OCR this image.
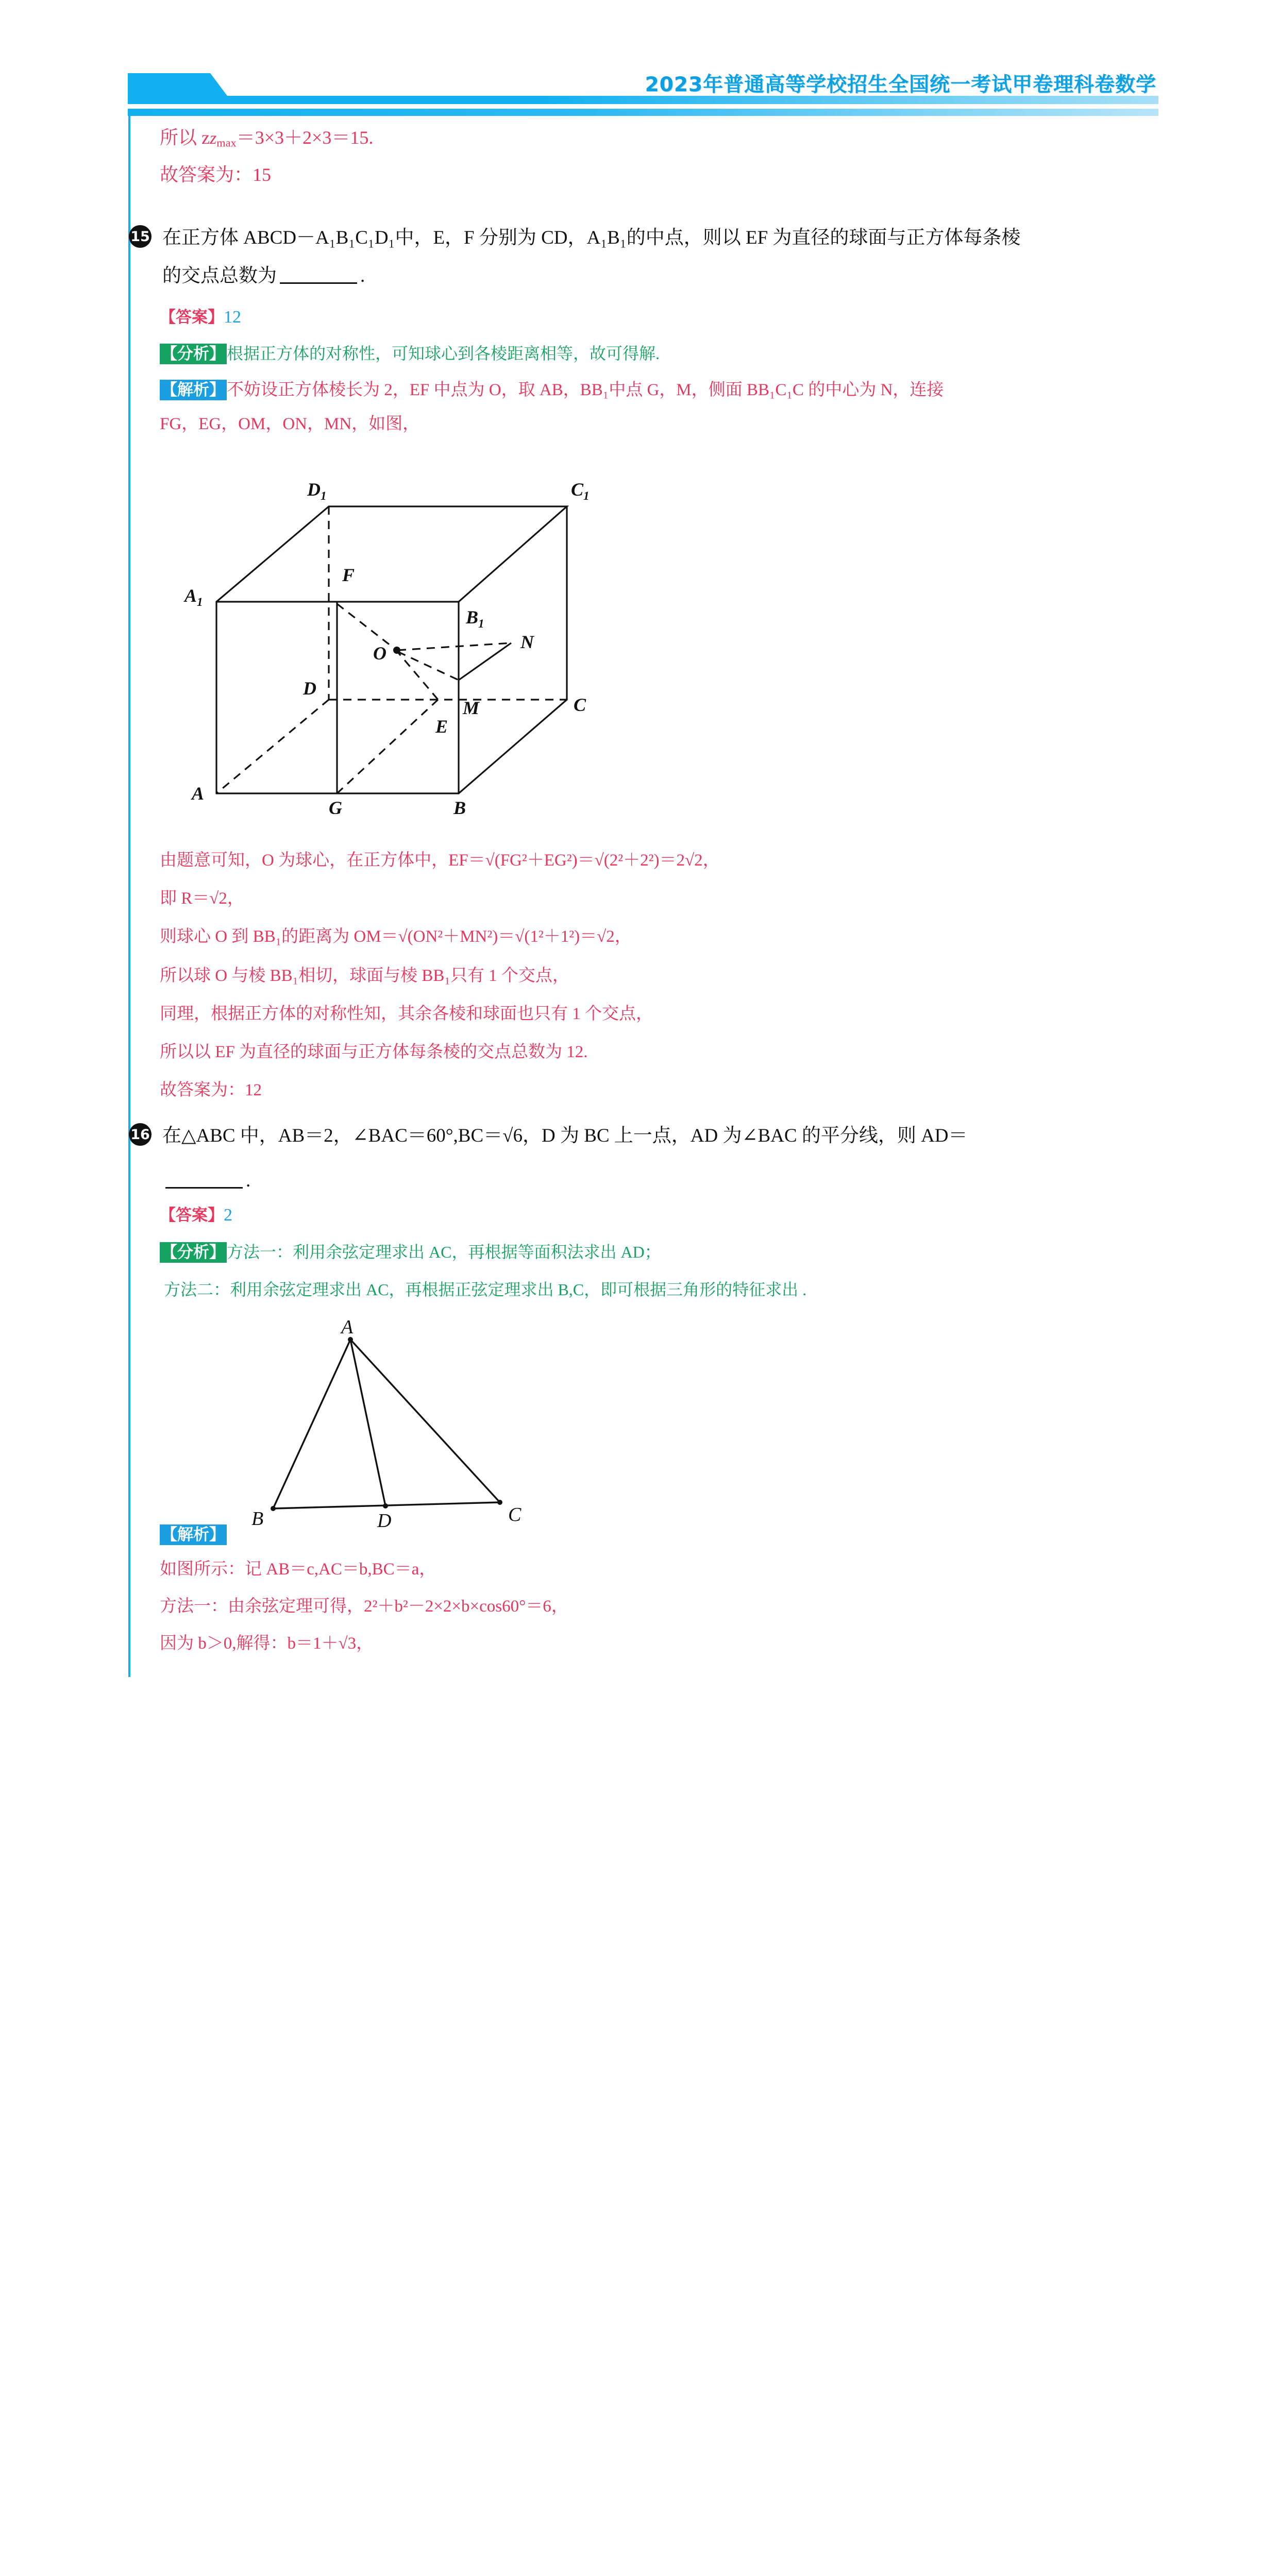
2023年普通高等学校招生全国统一考试甲卷理科卷数学
所以 $zz_{max}=3\times 3+2\times 3=15$.
故答案为：15
15 在正方体 ABCD－A₁B₁C₁D₁中，E，F 分别为 CD，A₁B₁的中点，则以 EF 为直径的球面与正方体每条棱
的交点总数为	.
【答案】12
【分析】根据正方体的对称性，可知球心到各棱距离相等，故可得解.
【解析】不妨设正方体棱长为 2，EF 中点为 O，取 AB，BB₁中点 G，M，侧面 BB₁C₁C 的中心为 N，连接
FG，EG，OM，ON，MN，如图，
$D_1$	$C_1$
$A_1$
$B_1$
F
O
N
M
D
C
E
A
G	B
由题意可知，O 为球心，在正方体中，EF＝√(FG²＋EG²)＝√(2²＋2²)＝2√2，
即 R＝√2，
则球心 O 到 BB₁的距离为 OM＝√(ON²＋MN²)＝√(1²＋1²)＝√2，
所以球 O 与棱 BB₁相切，球面与棱 BB₁只有 1 个交点，
同理，根据正方体的对称性知，其余各棱和球面也只有 1 个交点，
所以以 EF 为直径的球面与正方体每条棱的交点总数为 12.
故答案为：12
16 在△ABC 中，AB＝2，∠BAC＝60°,BC＝√6，D 为 BC 上一点，AD 为∠BAC 的平分线，则 AD＝
.
【答案】2
【分析】方法一：利用余弦定理求出 AC，再根据等面积法求出 AD；
方法二：利用余弦定理求出 AC，再根据正弦定理求出 B,C，即可根据三角形的特征求出 .
A
B	D	C
【解析】
如图所示：记 AB＝c,AC＝b,BC＝a，
方法一：由余弦定理可得，2²＋b²－2×2×b×cos60°＝6，
因为 b＞0,解得：b＝1＋√3，
